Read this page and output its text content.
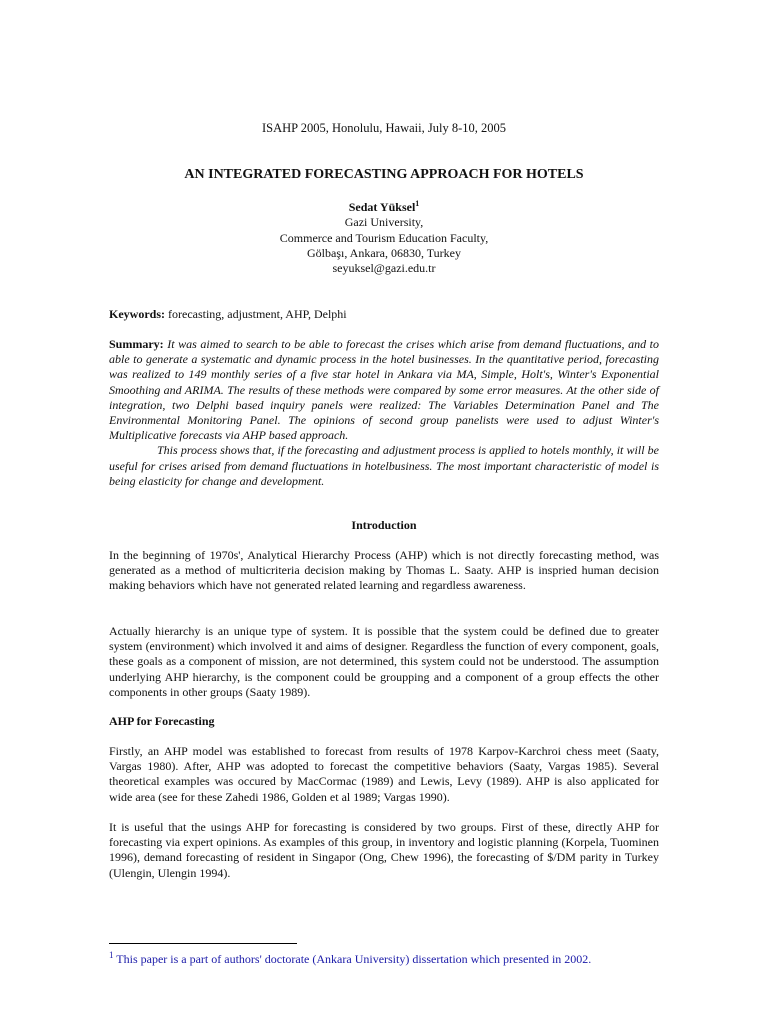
ISAHP 2005, Honolulu, Hawaii, July 8-10, 2005
AN INTEGRATED FORECASTING APPROACH FOR HOTELS
Sedat Yüksel$^1$
Gazi University,
Commerce and Tourism Education Faculty,
Gölbaşı, Ankara, 06830, Turkey
seyuksel@gazi.edu.tr
Keywords: forecasting, adjustment, AHP, Delphi

Summary: It was aimed to search to be able to forecast the crises which arise from demand fluctuations, and to able to generate a systematic and dynamic process in the hotel businesses. In the quantitative period, forecasting was realized to 149 monthly series of a five star hotel in Ankara via MA, Simple, Holt's, Winter's Exponential Smoothing and ARIMA. The results of these methods were compared by some error measures. At the other side of integration, two Delphi based inquiry panels were realized: The Variables Determination Panel and The Environmental Monitoring Panel. The opinions of second group panelists were used to adjust Winter's Multiplicative forecasts via AHP based approach.

This process shows that, if the forecasting and adjustment process is applied to hotels monthly, it will be useful for crises arised from demand fluctuations in hotelbusiness. The most important characteristic of model is being elasticity for change and development.

Introduction
In the beginning of 1970s', Analytical Hierarchy Process (AHP) which is not directly forecasting method, was generated as a method of multicriteria decision making by Thomas L. Saaty. AHP is inspried human decision making behaviors which have not generated related learning and regardless awareness.
Actually hierarchy is an unique type of system. It is possible that the system could be defined due to greater system (environment) which involved it and aims of designer. Regardless the function of every component, goals, these goals as a component of mission, are not determined, this system could not be understood. The assumption underlying AHP hierarchy, is the component could be groupping and a component of a group effects the other components in other groups (Saaty 1989).
AHP for Forecasting
Firstly, an AHP model was established to forecast from results of 1978 Karpov-Karchroi chess meet (Saaty, Vargas 1980). After, AHP was adopted to forecast the competitive behaviors (Saaty, Vargas 1985). Several theoretical examples was occured by MacCormac (1989) and Lewis, Levy (1989). AHP is also applicated for wide area (see for these Zahedi 1986, Golden et al 1989; Vargas 1990).
It is useful that the usings AHP for forecasting is considered by two groups. First of these, directly AHP for forecasting via expert opinions. As examples of this group, in inventory and logistic planning (Korpela, Tuominen 1996), demand forecasting of resident in Singapor (Ong, Chew 1996), the forecasting of $/DM parity in Turkey (Ulengin, Ulengin 1994).
$^1$ This paper is a part of authors' doctorate (Ankara University) dissertation which presented in 2002.
